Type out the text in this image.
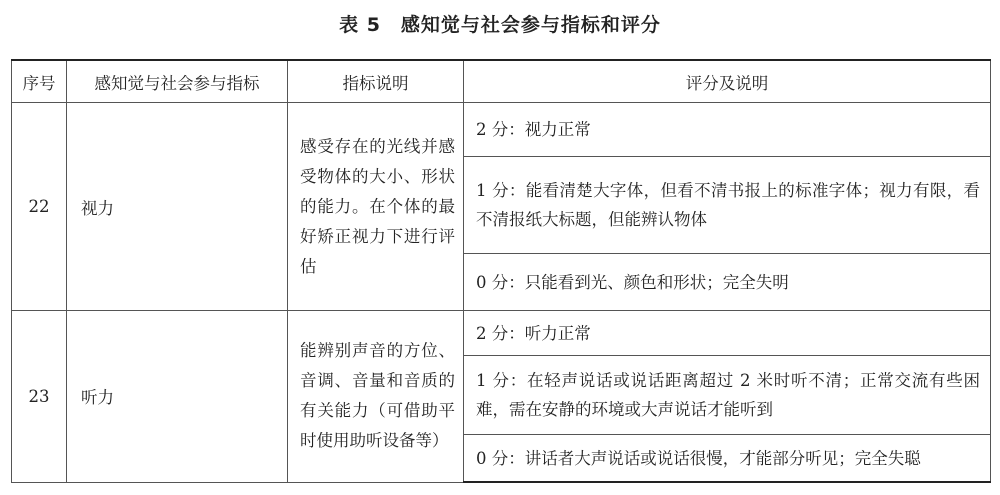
表 5　感知觉与社会参与指标和评分
序号	感知觉与社会参与指标	指标说明	评分及说明
22	视力	感受存在的光线并感受物体的大小、形状的能力。在个体的最好矫正视力下进行评估	2 分：视力正常
			1 分：能看清楚大字体，但看不清书报上的标准字体；视力有限，看不清报纸大标题，但能辨认物体
			0 分：只能看到光、颜色和形状；完全失明
23	听力	能辨别声音的方位、音调、音量和音质的有关能力（可借助平时使用助听设备等）	2 分：听力正常
			1 分：在轻声说话或说话距离超过 2 米时听不清；正常交流有些困难，需在安静的环境或大声说话才能听到
			0 分：讲话者大声说话或说话很慢，才能部分听见；完全失聪
